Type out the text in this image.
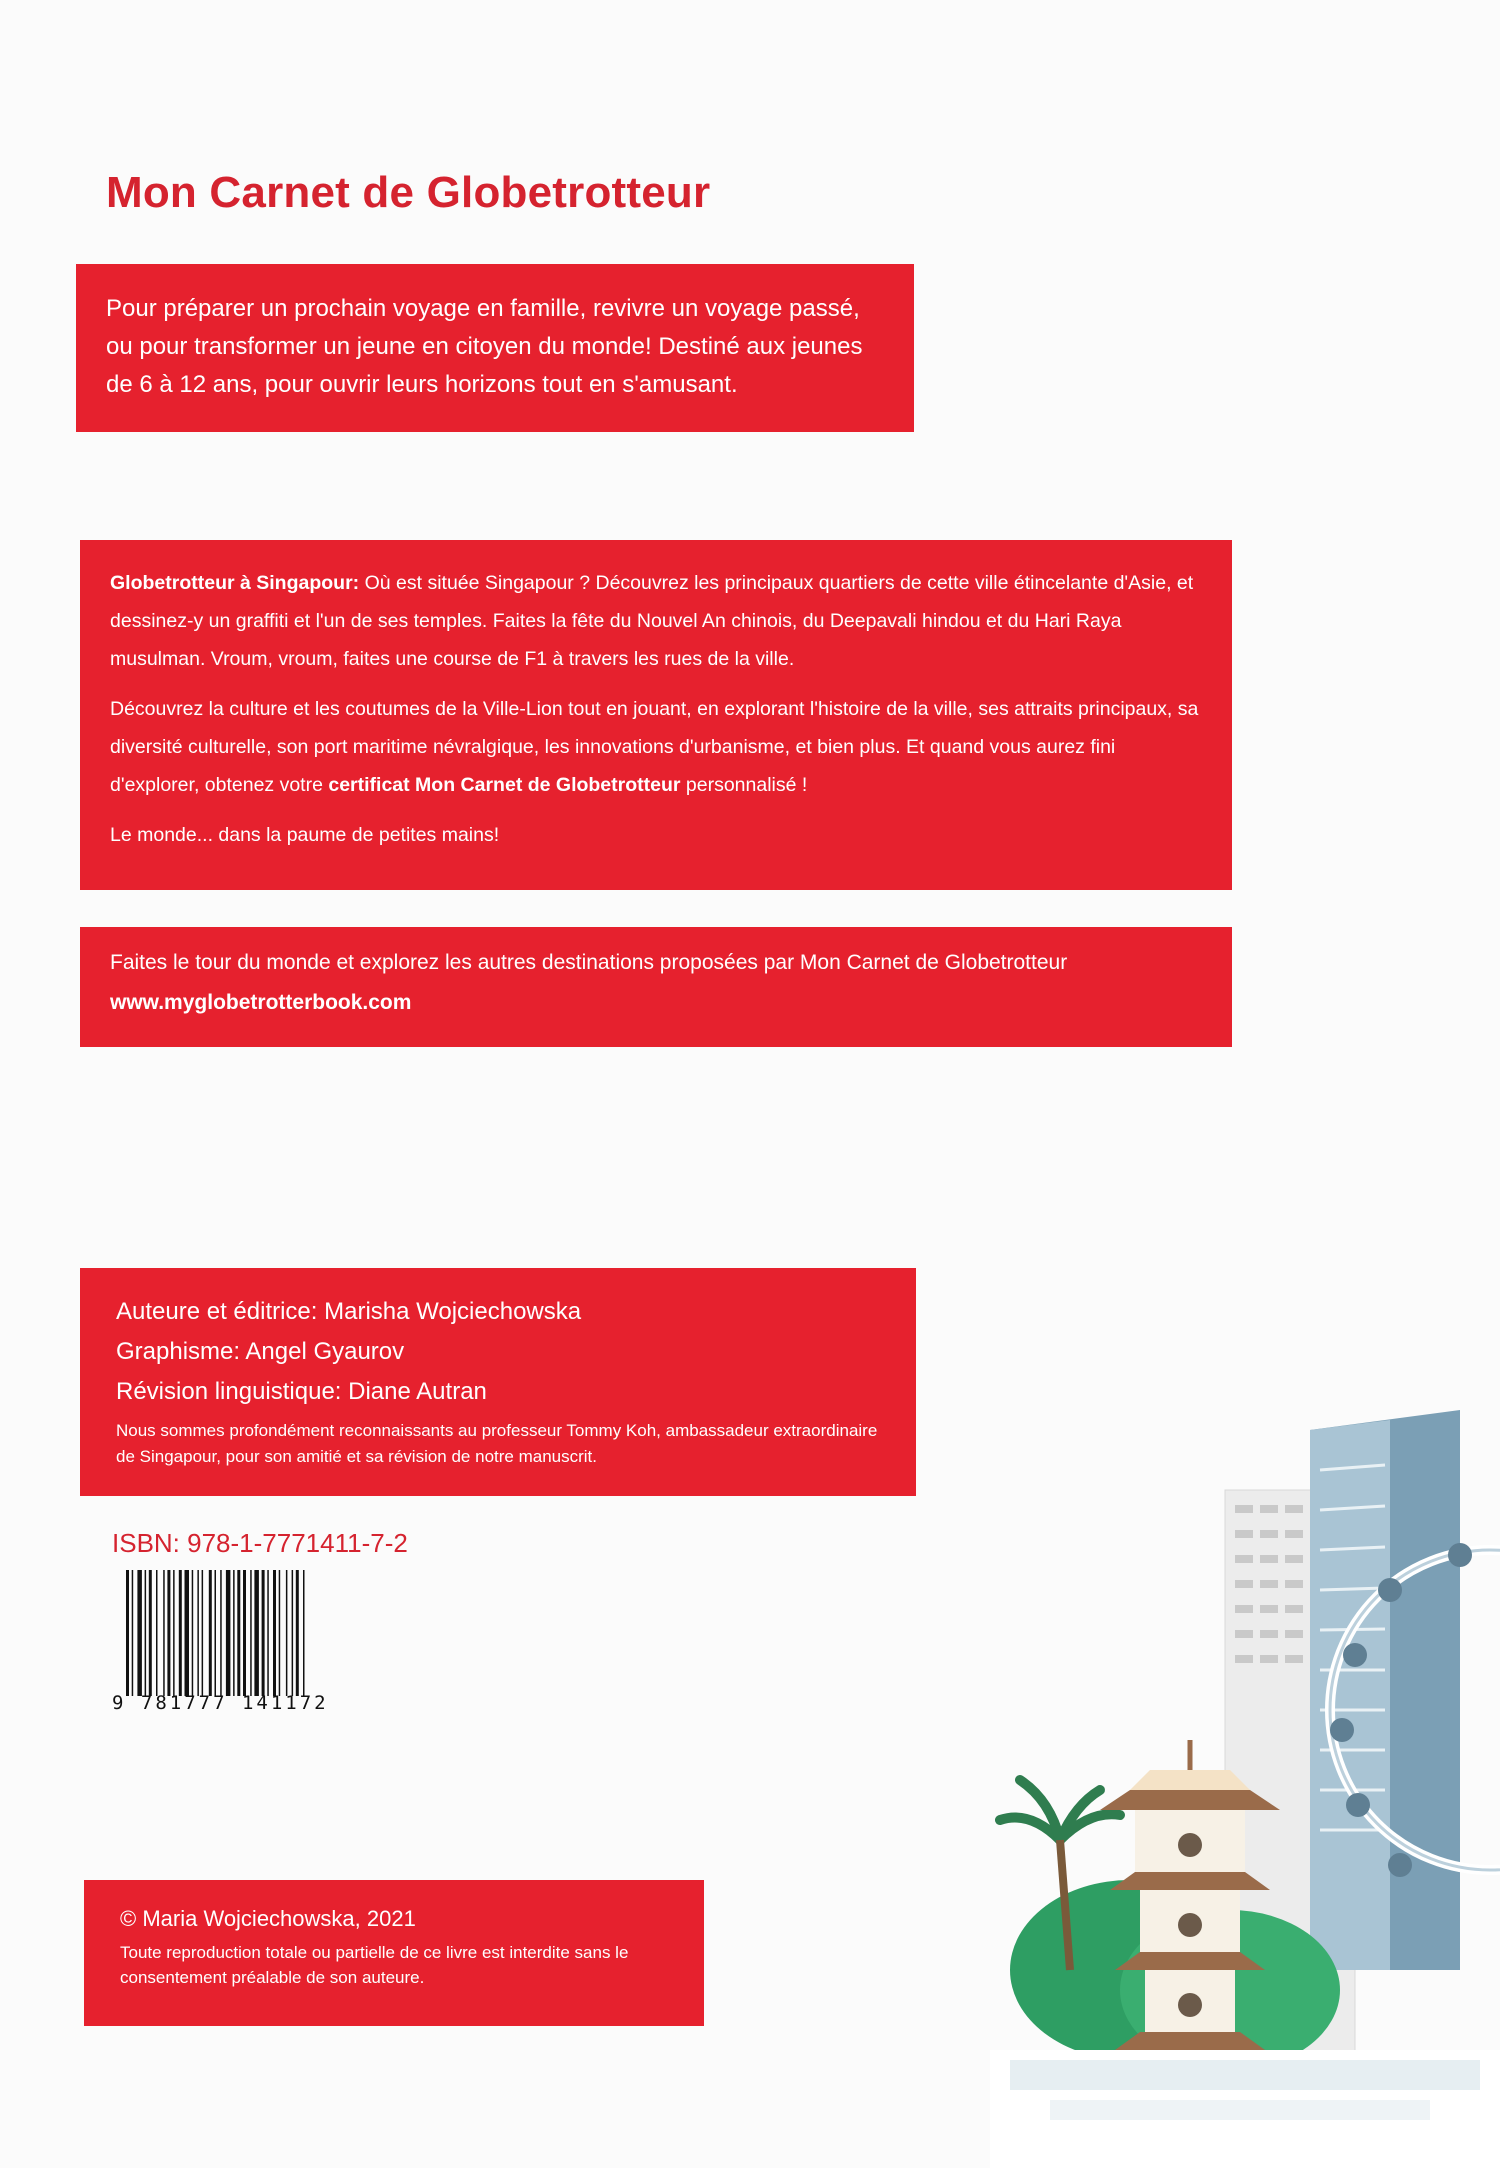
Mon Carnet de Globetrotteur

Pour préparer un prochain voyage en famille, revivre un voyage passé, ou pour transformer un jeune en citoyen du monde! Destiné aux jeunes de 6 à 12 ans, pour ouvrir leurs horizons tout en s'amusant.

Globetrotteur à Singapour: Où est située Singapour ? Découvrez les principaux quartiers de cette ville étincelante d'Asie, et dessinez-y un graffiti et l'un de ses temples. Faites la fête du Nouvel An chinois, du Deepavali hindou et du Hari Raya musulman. Vroum, vroum, faites une course de F1 à travers les rues de la ville.

Découvrez la culture et les coutumes de la Ville-Lion tout en jouant, en explorant l'histoire de la ville, ses attraits principaux, sa diversité culturelle, son port maritime névralgique, les innovations d'urbanisme, et bien plus. Et quand vous aurez fini d'explorer, obtenez votre certificat Mon Carnet de Globetrotteur personnalisé !

Le monde... dans la paume de petites mains!

Faites le tour du monde et explorez les autres destinations proposées par Mon Carnet de Globetrotteur

www.myglobetrotterbook.com

Auteure et éditrice: Marisha Wojciechowska
Graphisme: Angel Gyaurov
Révision linguistique: Diane Autran
Nous sommes profondément reconnaissants au professeur Tommy Koh, ambassadeur extraordinaire de Singapour, pour son amitié et sa révision de notre manuscrit.
ISBN: 978-1-7771411-7-2
9 781777 141172
© Maria Wojciechowska, 2021
Toute reproduction totale ou partielle de ce livre est interdite sans le consentement préalable de son auteure.
